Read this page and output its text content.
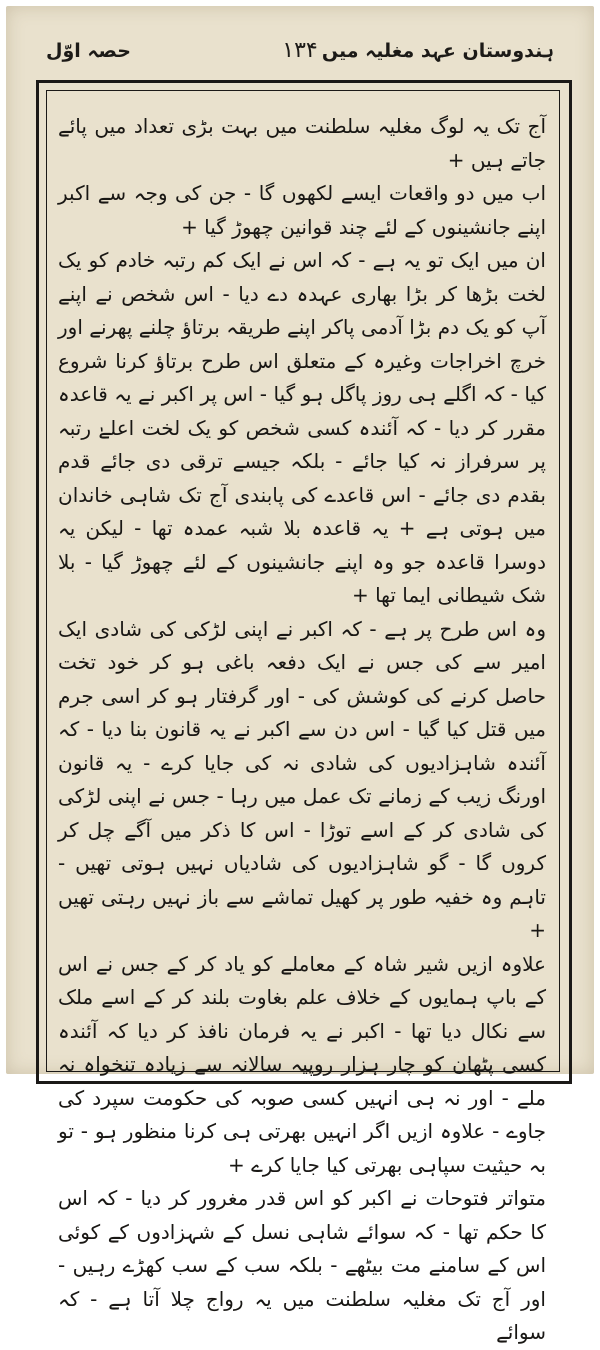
ہندوستان عہد مغلیہ میں
۱۳۴
حصہ اوّل

آج تک یہ لوگ مغلیہ سلطنت میں بہت بڑی تعداد میں پائے جاتے ہیں +

اب میں دو واقعات ایسے لکھوں گا - جن کی وجہ سے اکبر اپنے جانشینوں کے لئے چند قوانین چھوڑ گیا +

ان میں ایک تو یہ ہے - کہ اس نے ایک کم رتبہ خادم کو یک لخت بڑھا کر بڑا بھاری عہدہ دے دیا - اس شخص نے اپنے آپ کو یک دم بڑا آدمی پاکر اپنے طریقہ برتاؤ چلنے پھرنے اور خرچ اخراجات وغیرہ کے متعلق اس طرح برتاؤ کرنا شروع کیا - کہ اگلے ہی روز پاگل ہو گیا - اس پر اکبر نے یہ قاعدہ مقرر کر دیا - کہ آئندہ کسی شخص کو یک لخت اعلےٰ رتبہ پر سرفراز نہ کیا جائے - بلکہ جیسے ترقی دی جائے قدم بقدم دی جائے - اس قاعدے کی پابندی آج تک شاہی خاندان میں ہوتی ہے + یہ قاعدہ بلا شبہ عمدہ تھا - لیکن یہ دوسرا قاعدہ جو وہ اپنے جانشینوں کے لئے چھوڑ گیا - بلا شک شیطانی ایما تھا +

وہ اس طرح پر ہے - کہ اکبر نے اپنی لڑکی کی شادی ایک امیر سے کی جس نے ایک دفعہ باغی ہو کر خود تخت حاصل کرنے کی کوشش کی - اور گرفتار ہو کر اسی جرم میں قتل کیا گیا - اس دن سے اکبر نے یہ قانون بنا دیا - کہ آئندہ شاہزادیوں کی شادی نہ کی جایا کرے - یہ قانون اورنگ زیب کے زمانے تک عمل میں رہا - جس نے اپنی لڑکی کی شادی کر کے اسے توڑا - اس کا ذکر میں آگے چل کر کروں گا - گو شاہزادیوں کی شادیاں نہیں ہوتی تھیں - تاہم وہ خفیہ طور پر کھیل تماشے سے باز نہیں رہتی تھیں +

علاوہ ازیں شیر شاہ کے معاملے کو یاد کر کے جس نے اس کے باپ ہمایوں کے خلاف علم بغاوت بلند کر کے اسے ملک سے نکال دیا تھا - اکبر نے یہ فرمان نافذ کر دیا کہ آئندہ کسی پٹھان کو چار ہزار روپیہ سالانہ سے زیادہ تنخواہ نہ ملے - اور نہ ہی انہیں کسی صوبہ کی حکومت سپرد کی جاوے - علاوہ ازیں اگر انہیں بھرتی ہی کرنا منظور ہو - تو بہ حیثیت سپاہی بھرتی کیا جایا کرے +

متواتر فتوحات نے اکبر کو اس قدر مغرور کر دیا - کہ اس کا حکم تھا - کہ سوائے شاہی نسل کے شہزادوں کے کوئی اس کے سامنے مت بیٹھے - بلکہ سب کے سب کھڑے رہیں - اور آج تک مغلیہ سلطنت میں یہ رواج چلا آتا ہے - کہ سوائے
